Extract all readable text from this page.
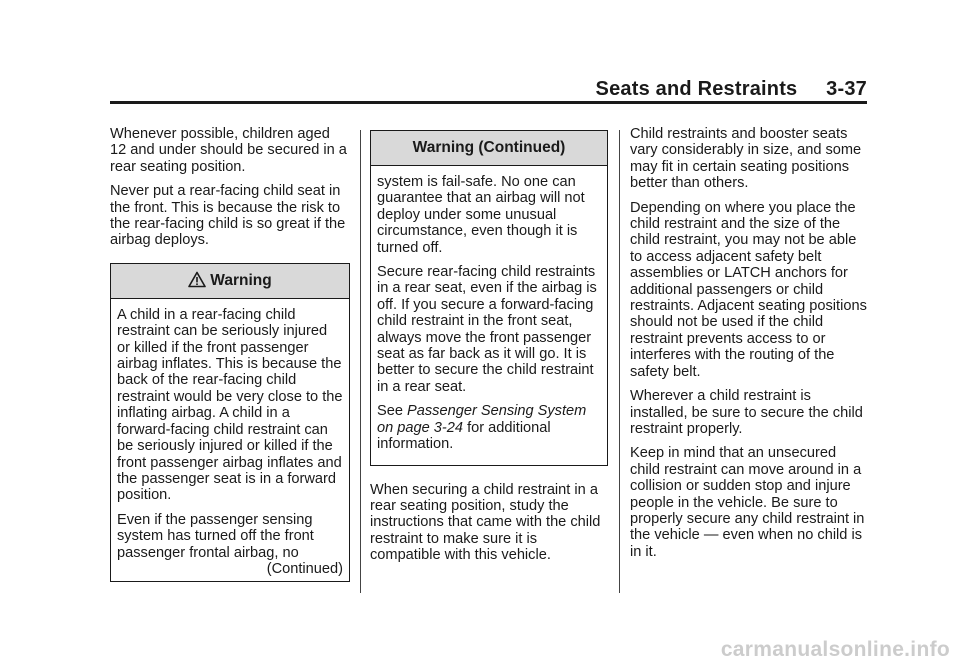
Seats and Restraints     3-37

Whenever possible, children aged 12 and under should be secured in a rear seating position.

Never put a rear-facing child seat in the front. This is because the risk to the rear-facing child is so great if the airbag deploys.

Warning

A child in a rear-facing child restraint can be seriously injured or killed if the front passenger airbag inflates. This is because the back of the rear-facing child restraint would be very close to the inflating airbag. A child in a forward-facing child restraint can be seriously injured or killed if the front passenger airbag inflates and the passenger seat is in a forward position.

Even if the passenger sensing system has turned off the front passenger frontal airbag, no

(Continued)
Warning (Continued)

system is fail-safe. No one can guarantee that an airbag will not deploy under some unusual circumstance, even though it is turned off.

Secure rear-facing child restraints in a rear seat, even if the airbag is off. If you secure a forward-facing child restraint in the front seat, always move the front passenger seat as far back as it will go. It is better to secure the child restraint in a rear seat.

See Passenger Sensing System on page 3-24 for additional information.

When securing a child restraint in a rear seating position, study the instructions that came with the child restraint to make sure it is compatible with this vehicle.

Child restraints and booster seats vary considerably in size, and some may fit in certain seating positions better than others.

Depending on where you place the child restraint and the size of the child restraint, you may not be able to access adjacent safety belt assemblies or LATCH anchors for additional passengers or child restraints. Adjacent seating positions should not be used if the child restraint prevents access to or interferes with the routing of the safety belt.

Wherever a child restraint is installed, be sure to secure the child restraint properly.

Keep in mind that an unsecured child restraint can move around in a collision or sudden stop and injure people in the vehicle. Be sure to properly secure any child restraint in the vehicle — even when no child is in it.

carmanualsonline.info
